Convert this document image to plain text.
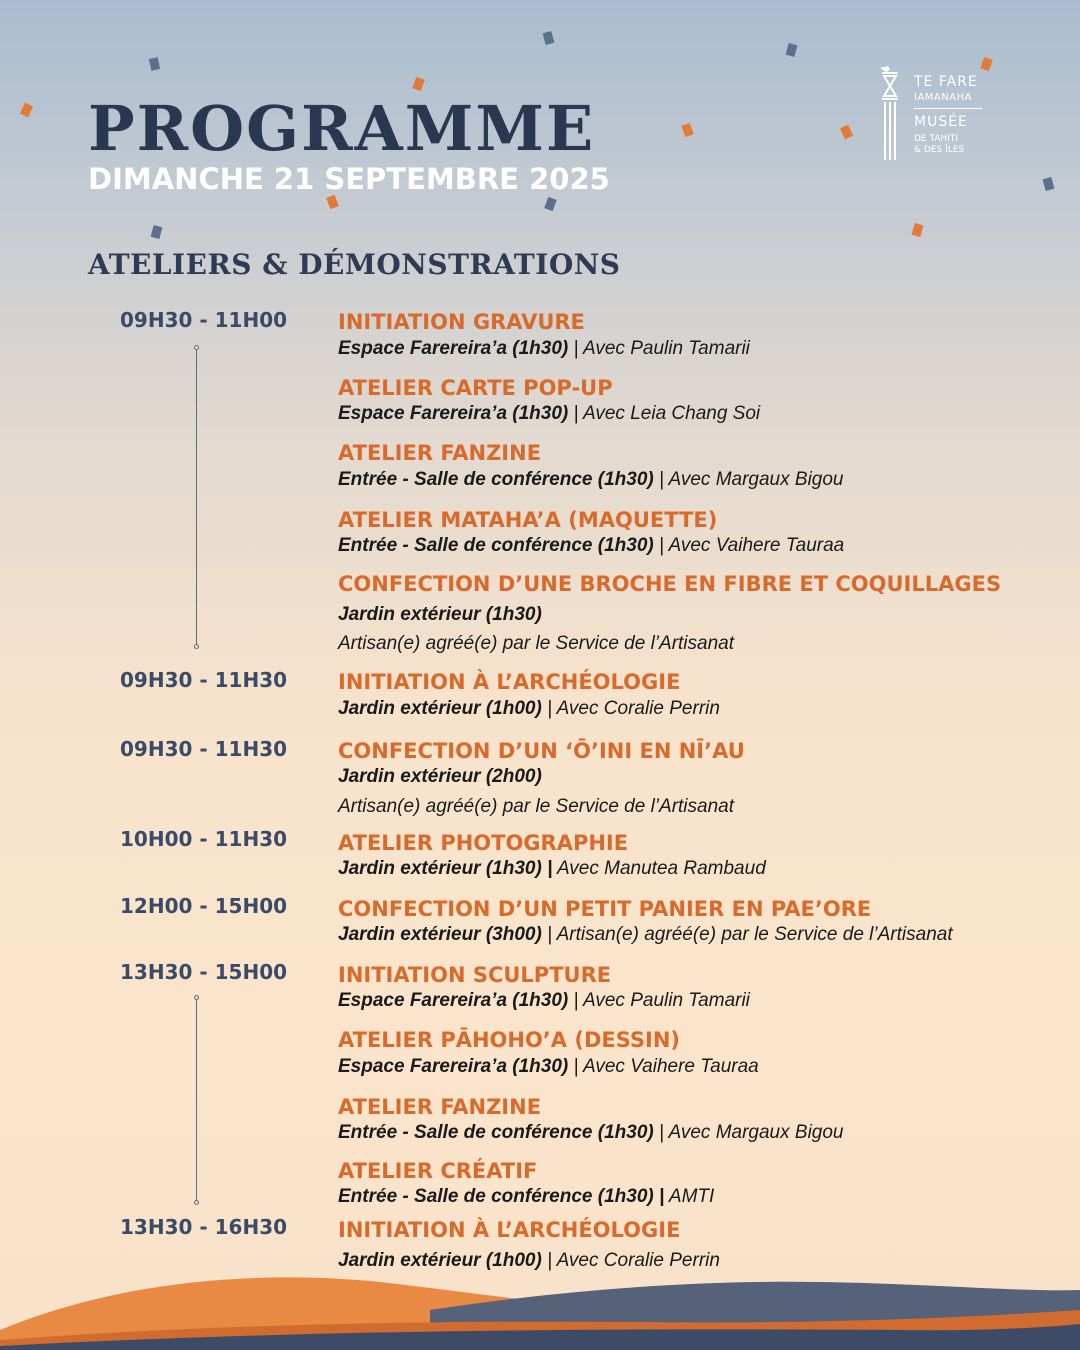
PROGRAMME
DIMANCHE 21 SEPTEMBRE 2025
ATELIERS & DÉMONSTRATIONS
TE FARE
IAMANAHA
MUSÉE
DE TAHITI
& DES ÎLES
09H30 - 11H00
09H30 - 11H30
09H30 - 11H30
10H00 - 11H30
12H00 - 15H00
13H30 - 15H00
13H30 - 16H30
INITIATION GRAVURE
Espace Farereira’a (1h30) | Avec Paulin Tamarii
ATELIER CARTE POP-UP
Espace Farereira’a (1h30) | Avec Leia Chang Soi
ATELIER FANZINE
Entrée - Salle de conférence (1h30) | Avec Margaux Bigou
ATELIER MATAHA’A (MAQUETTE)
Entrée - Salle de conférence (1h30) | Avec Vaihere Tauraa
CONFECTION D’UNE BROCHE EN FIBRE ET COQUILLAGES
Jardin extérieur (1h30)
Artisan(e) agréé(e) par le Service de l’Artisanat
INITIATION À L’ARCHÉOLOGIE
Jardin extérieur (1h00) | Avec Coralie Perrin
CONFECTION D’UN ‘Ō’INI EN NĪ’AU
Jardin extérieur (2h00)
Artisan(e) agréé(e) par le Service de l’Artisanat
ATELIER PHOTOGRAPHIE
Jardin extérieur (1h30) | Avec Manutea Rambaud
CONFECTION D’UN PETIT PANIER EN PAE’ORE
Jardin extérieur (3h00) | Artisan(e) agréé(e) par le Service de l’Artisanat
INITIATION SCULPTURE
Espace Farereira’a (1h30) | Avec Paulin Tamarii
ATELIER PĀHOHO’A (DESSIN)
Espace Farereira’a (1h30) | Avec Vaihere Tauraa
ATELIER FANZINE
Entrée - Salle de conférence (1h30) | Avec Margaux Bigou
ATELIER CRÉATIF
Entrée - Salle de conférence (1h30) | AMTI
INITIATION À L’ARCHÉOLOGIE
Jardin extérieur (1h00) | Avec Coralie Perrin
